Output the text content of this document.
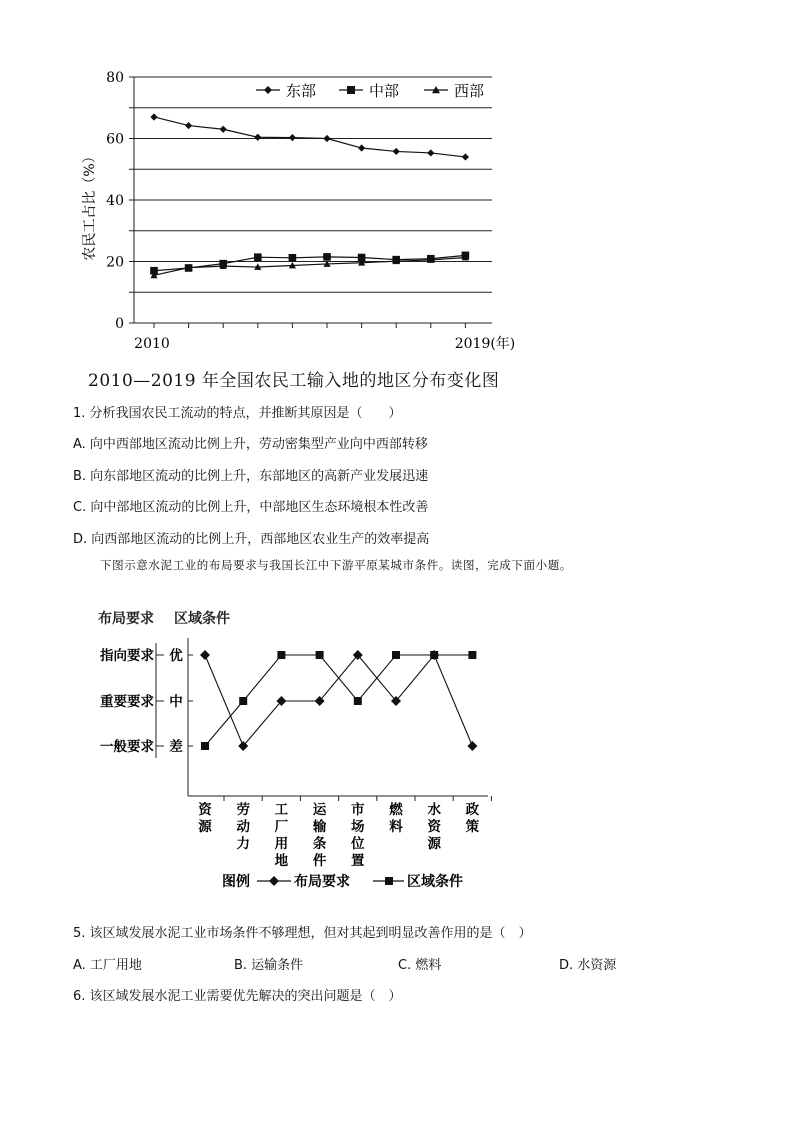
0
20
40
60
80
2010	2019(年)
农民工占比（%）
东部	中部	西部
2010—2019 年全国农民工输入地的地区分布变化图
1. 分析我国农民工流动的特点，并推断其原因是（　　）
A. 向中西部地区流动比例上升，劳动密集型产业向中西部转移
B. 向东部地区流动的比例上升，东部地区的高新产业发展迅速
C. 向中部地区流动的比例上升，中部地区生态环境根本性改善
D. 向西部地区流动的比例上升，西部地区农业生产的效率提高
下图示意水泥工业的布局要求与我国长江中下游平原某城市条件。读图，完成下面小题。
布局要求 区域条件
指向要求 优
重要要求 中
一般要求 差
资源
劳动力
工厂用地
运输条件
市场位置
燃料
水资源
政策
图例	布局要求	区域条件
5. 该区域发展水泥工业市场条件不够理想，但对其起到明显改善作用的是（　）
A. 工厂用地	B. 运输条件	C. 燃料	D. 水资源
6. 该区域发展水泥工业需要优先解决的突出问题是（　）
